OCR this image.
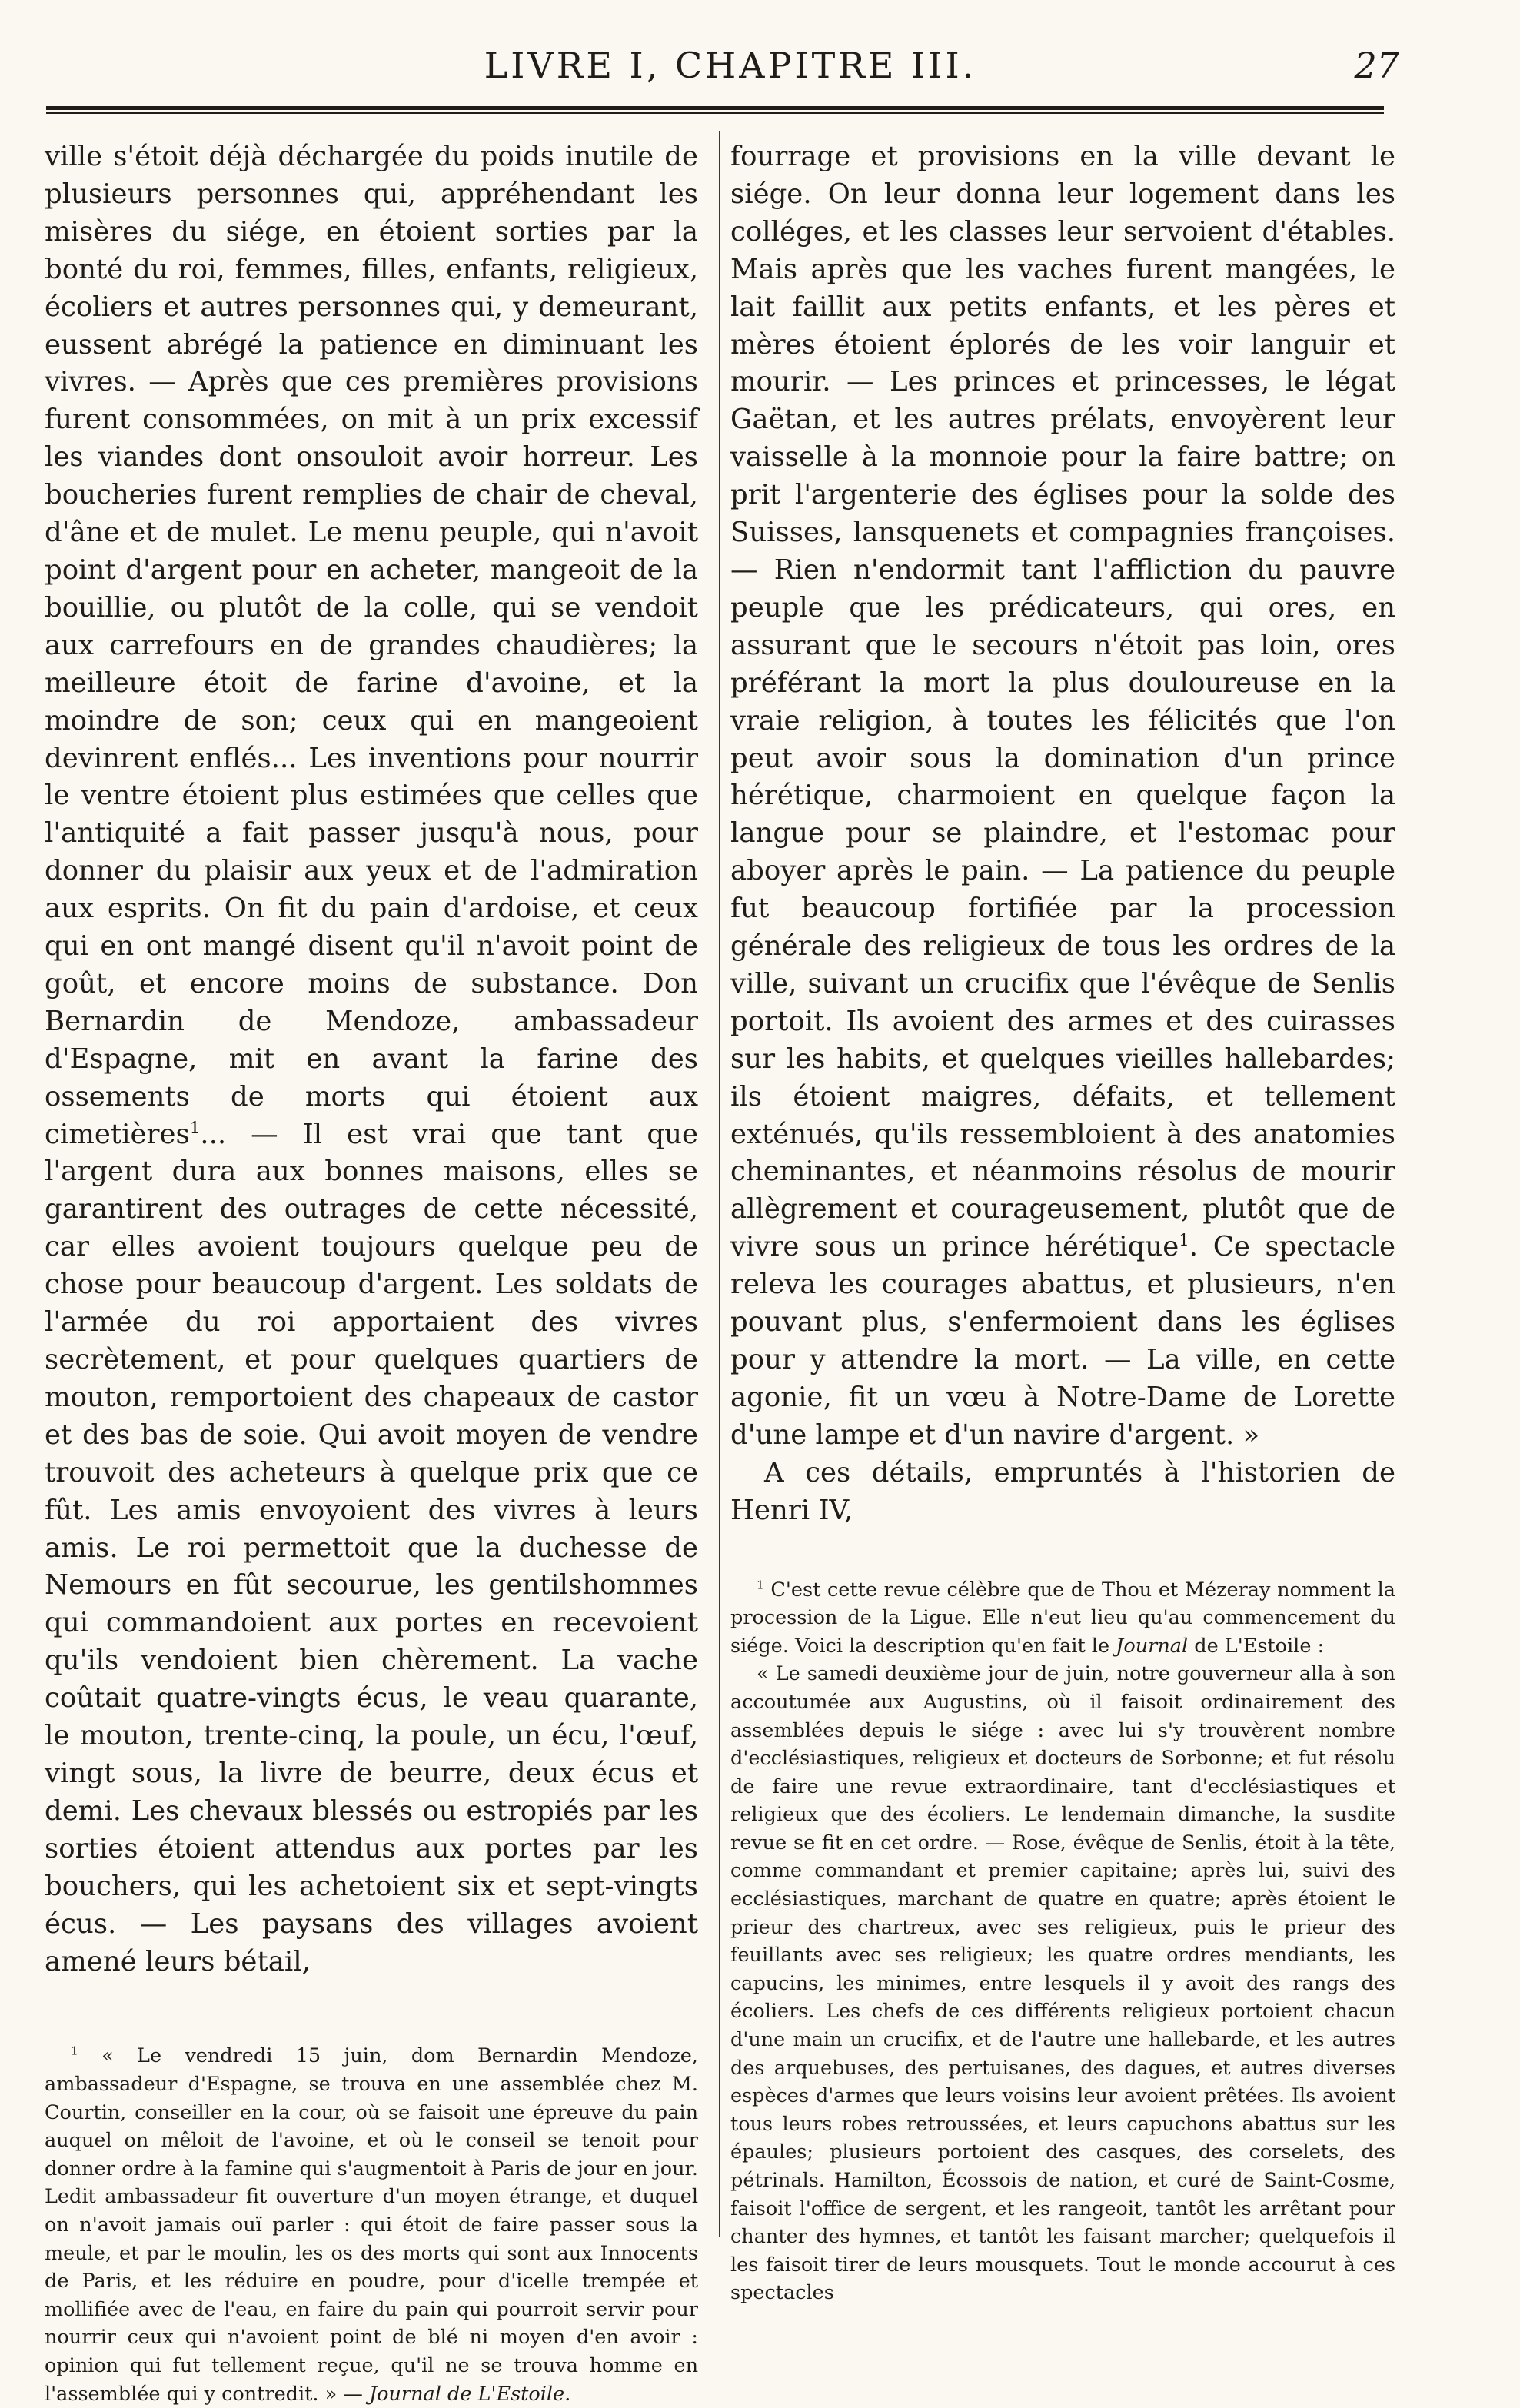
LIVRE I, CHAPITRE III.	27

ville s'étoit déjà déchargée du poids inutile de plusieurs personnes qui, appréhendant les misères du siége, en étoient sorties par la bonté du roi, femmes, filles, enfants, religieux, écoliers et autres personnes qui, y demeurant, eussent abrégé la patience en diminuant les vivres. — Après que ces premières provisions furent consommées, on mit à un prix excessif les viandes dont onsouloit avoir horreur. Les boucheries furent remplies de chair de cheval, d'âne et de mulet. Le menu peuple, qui n'avoit point d'argent pour en acheter, mangeoit de la bouillie, ou plutôt de la colle, qui se vendoit aux carrefours en de grandes chaudières; la meilleure étoit de farine d'avoine, et la moindre de son; ceux qui en mangeoient devinrent enflés... Les inventions pour nourrir le ventre étoient plus estimées que celles que l'antiquité a fait passer jusqu'à nous, pour donner du plaisir aux yeux et de l'admiration aux esprits. On fit du pain d'ardoise, et ceux qui en ont mangé disent qu'il n'avoit point de goût, et encore moins de substance. Don Bernardin de Mendoze, ambassadeur d'Espagne, mit en avant la farine des ossements de morts qui étoient aux cimetières$^1$... — Il est vrai que tant que l'argent dura aux bonnes maisons, elles se garantirent des outrages de cette nécessité, car elles avoient toujours quelque peu de chose pour beaucoup d'argent. Les soldats de l'armée du roi apportaient des vivres secrètement, et pour quelques quartiers de mouton, remportoient des chapeaux de castor et des bas de soie. Qui avoit moyen de vendre trouvoit des acheteurs à quelque prix que ce fût. Les amis envoyoient des vivres à leurs amis. Le roi permettoit que la duchesse de Nemours en fût secourue, les gentilshommes qui commandoient aux portes en recevoient qu'ils vendoient bien chèrement. La vache coûtait quatre-vingts écus, le veau quarante, le mouton, trente-cinq, la poule, un écu, l'œuf, vingt sous, la livre de beurre, deux écus et demi. Les chevaux blessés ou estropiés par les sorties étoient attendus aux portes par les bouchers, qui les achetoient six et sept-vingts écus. — Les paysans des villages avoient amené leurs bétail,

$^1$ « Le vendredi 15 juin, dom Bernardin Mendoze, ambassadeur d'Espagne, se trouva en une assemblée chez M. Courtin, conseiller en la cour, où se faisoit une épreuve du pain auquel on mêloit de l'avoine, et où le conseil se tenoit pour donner ordre à la famine qui s'augmentoit à Paris de jour en jour. Ledit ambassadeur fit ouverture d'un moyen étrange, et duquel on n'avoit jamais ouï parler : qui étoit de faire passer sous la meule, et par le moulin, les os des morts qui sont aux Innocents de Paris, et les réduire en poudre, pour d'icelle trempée et mollifiée avec de l'eau, en faire du pain qui pourroit servir pour nourrir ceux qui n'avoient point de blé ni moyen d'en avoir : opinion qui fut tellement reçue, qu'il ne se trouva homme en l'assemblée qui y contredit. » — Journal de L'Estoile.

fourrage et provisions en la ville devant le siége. On leur donna leur logement dans les colléges, et les classes leur servoient d'étables. Mais après que les vaches furent mangées, le lait faillit aux petits enfants, et les pères et mères étoient éplorés de les voir languir et mourir. — Les princes et princesses, le légat Gaëtan, et les autres prélats, envoyèrent leur vaisselle à la monnoie pour la faire battre; on prit l'argenterie des églises pour la solde des Suisses, lansquenets et compagnies françoises. — Rien n'endormit tant l'affliction du pauvre peuple que les prédicateurs, qui ores, en assurant que le secours n'étoit pas loin, ores préférant la mort la plus douloureuse en la vraie religion, à toutes les félicités que l'on peut avoir sous la domination d'un prince hérétique, charmoient en quelque façon la langue pour se plaindre, et l'estomac pour aboyer après le pain. — La patience du peuple fut beaucoup fortifiée par la procession générale des religieux de tous les ordres de la ville, suivant un crucifix que l'évêque de Senlis portoit. Ils avoient des armes et des cuirasses sur les habits, et quelques vieilles hallebardes; ils étoient maigres, défaits, et tellement exténués, qu'ils ressembloient à des anatomies cheminantes, et néanmoins résolus de mourir allègrement et courageusement, plutôt que de vivre sous un prince hérétique$^1$. Ce spectacle releva les courages abattus, et plusieurs, n'en pouvant plus, s'enfermoient dans les églises pour y attendre la mort. — La ville, en cette agonie, fit un vœu à Notre-Dame de Lorette d'une lampe et d'un navire d'argent. »

A ces détails, empruntés à l'historien de Henri IV,

$^1$ C'est cette revue célèbre que de Thou et Mézeray nomment la procession de la Ligue. Elle n'eut lieu qu'au commencement du siége. Voici la description qu'en fait le Journal de L'Estoile :

« Le samedi deuxième jour de juin, notre gouverneur alla à son accoutumée aux Augustins, où il faisoit ordinairement des assemblées depuis le siége : avec lui s'y trouvèrent nombre d'ecclésiastiques, religieux et docteurs de Sorbonne; et fut résolu de faire une revue extraordinaire, tant d'ecclésiastiques et religieux que des écoliers. Le lendemain dimanche, la susdite revue se fit en cet ordre. — Rose, évêque de Senlis, étoit à la tête, comme commandant et premier capitaine; après lui, suivi des ecclésiastiques, marchant de quatre en quatre; après étoient le prieur des chartreux, avec ses religieux, puis le prieur des feuillants avec ses religieux; les quatre ordres mendiants, les capucins, les minimes, entre lesquels il y avoit des rangs des écoliers. Les chefs de ces différents religieux portoient chacun d'une main un crucifix, et de l'autre une hallebarde, et les autres des arquebuses, des pertuisanes, des dagues, et autres diverses espèces d'armes que leurs voisins leur avoient prêtées. Ils avoient tous leurs robes retroussées, et leurs capuchons abattus sur les épaules; plusieurs portoient des casques, des corselets, des pétrinals. Hamilton, Écossois de nation, et curé de Saint-Cosme, faisoit l'office de sergent, et les rangeoit, tantôt les arrêtant pour chanter des hymnes, et tantôt les faisant marcher; quelquefois il les faisoit tirer de leurs mousquets. Tout le monde accourut à ces spectacles
